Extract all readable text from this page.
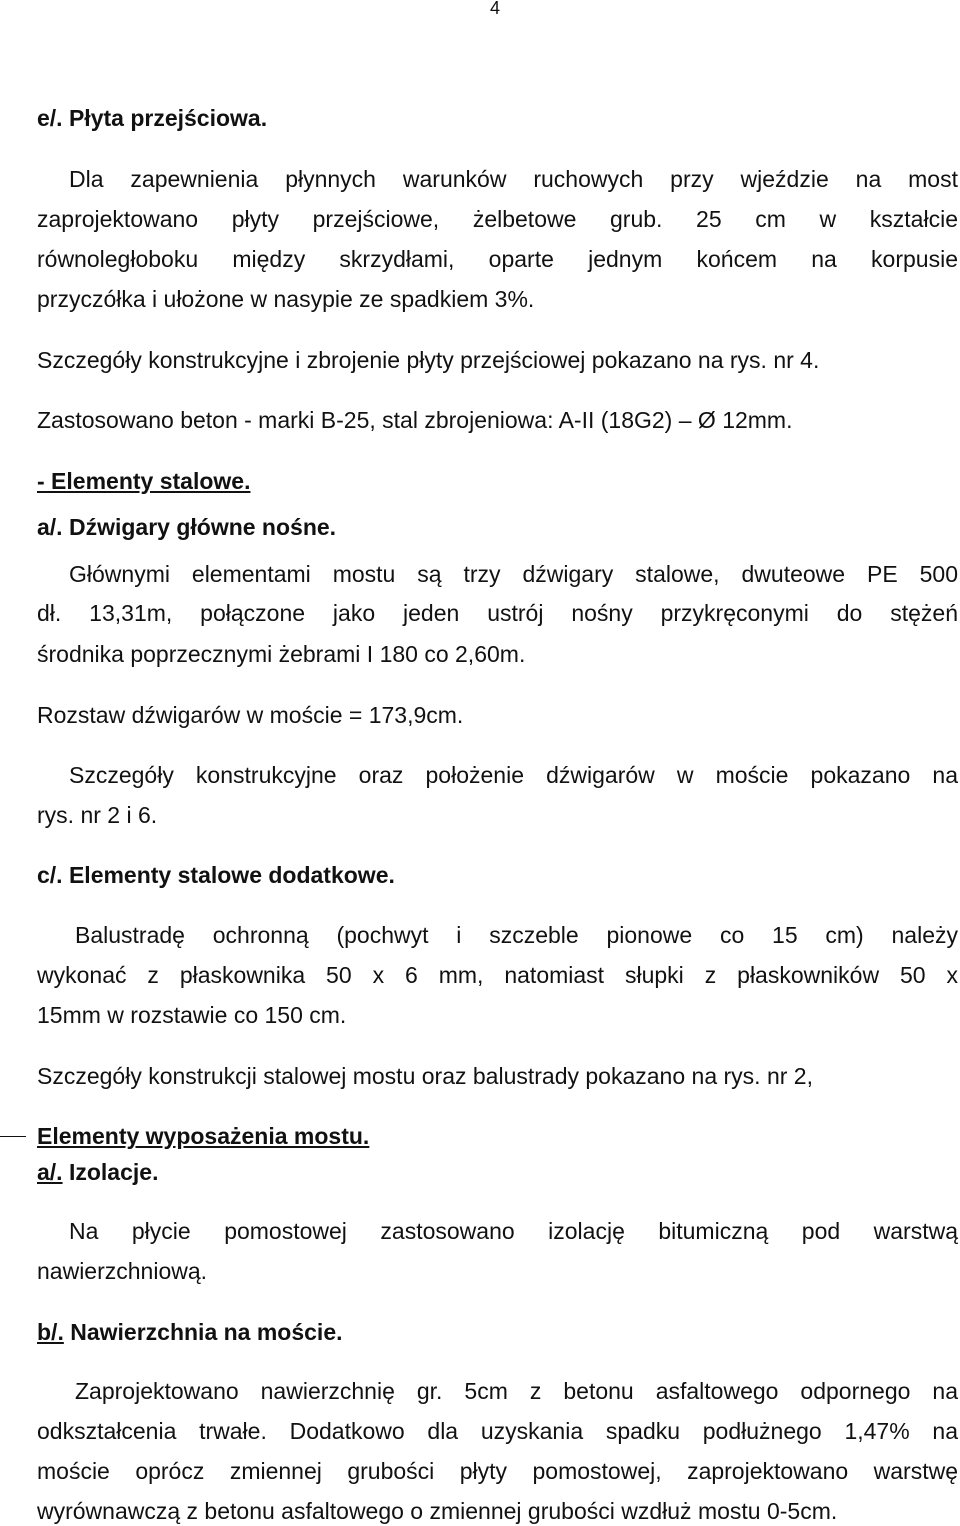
4
e/. Płyta przejściowa.
Dla zapewnienia płynnych warunków ruchowych przy wjeździe na most
zaprojektowano płyty przejściowe, żelbetowe grub. 25 cm w kształcie
równoległoboku między skrzydłami, oparte jednym końcem na korpusie
przyczółka i ułożone w nasypie ze spadkiem 3%.
Szczegóły konstrukcyjne i zbrojenie płyty przejściowej pokazano na rys. nr 4.
Zastosowano beton - marki B-25, stal zbrojeniowa: A-II (18G2) – Ø 12mm.
- Elementy stalowe.
a/. Dźwigary główne nośne.
Głównymi elementami mostu są trzy dźwigary stalowe, dwuteowe PE 500
dł. 13,31m, połączone jako jeden ustrój nośny przykręconymi do stężeń
środnika poprzecznymi żebrami I 180 co 2,60m.
Rozstaw dźwigarów w moście = 173,9cm.
Szczegóły konstrukcyjne oraz położenie dźwigarów w moście pokazano na
rys. nr 2 i 6.
c/. Elementy stalowe dodatkowe.
Balustradę ochronną (pochwyt i szczeble pionowe co 15 cm) należy
wykonać z płaskownika 50 x 6 mm, natomiast słupki z płaskowników 50 x
15mm w rozstawie co 150 cm.
Szczegóły konstrukcji stalowej mostu oraz balustrady pokazano na rys. nr 2,
Elementy wyposażenia mostu.
a/. Izolacje.
Na płycie pomostowej zastosowano izolację bitumiczną pod warstwą
nawierzchniową.
b/. Nawierzchnia na moście.
Zaprojektowano nawierzchnię gr. 5cm z betonu asfaltowego odpornego na
odkształcenia trwałe. Dodatkowo dla uzyskania spadku podłużnego 1,47% na
moście oprócz zmiennej grubości płyty pomostowej, zaprojektowano warstwę
wyrównawczą z betonu asfaltowego o zmiennej grubości wzdłuż mostu 0-5cm.
